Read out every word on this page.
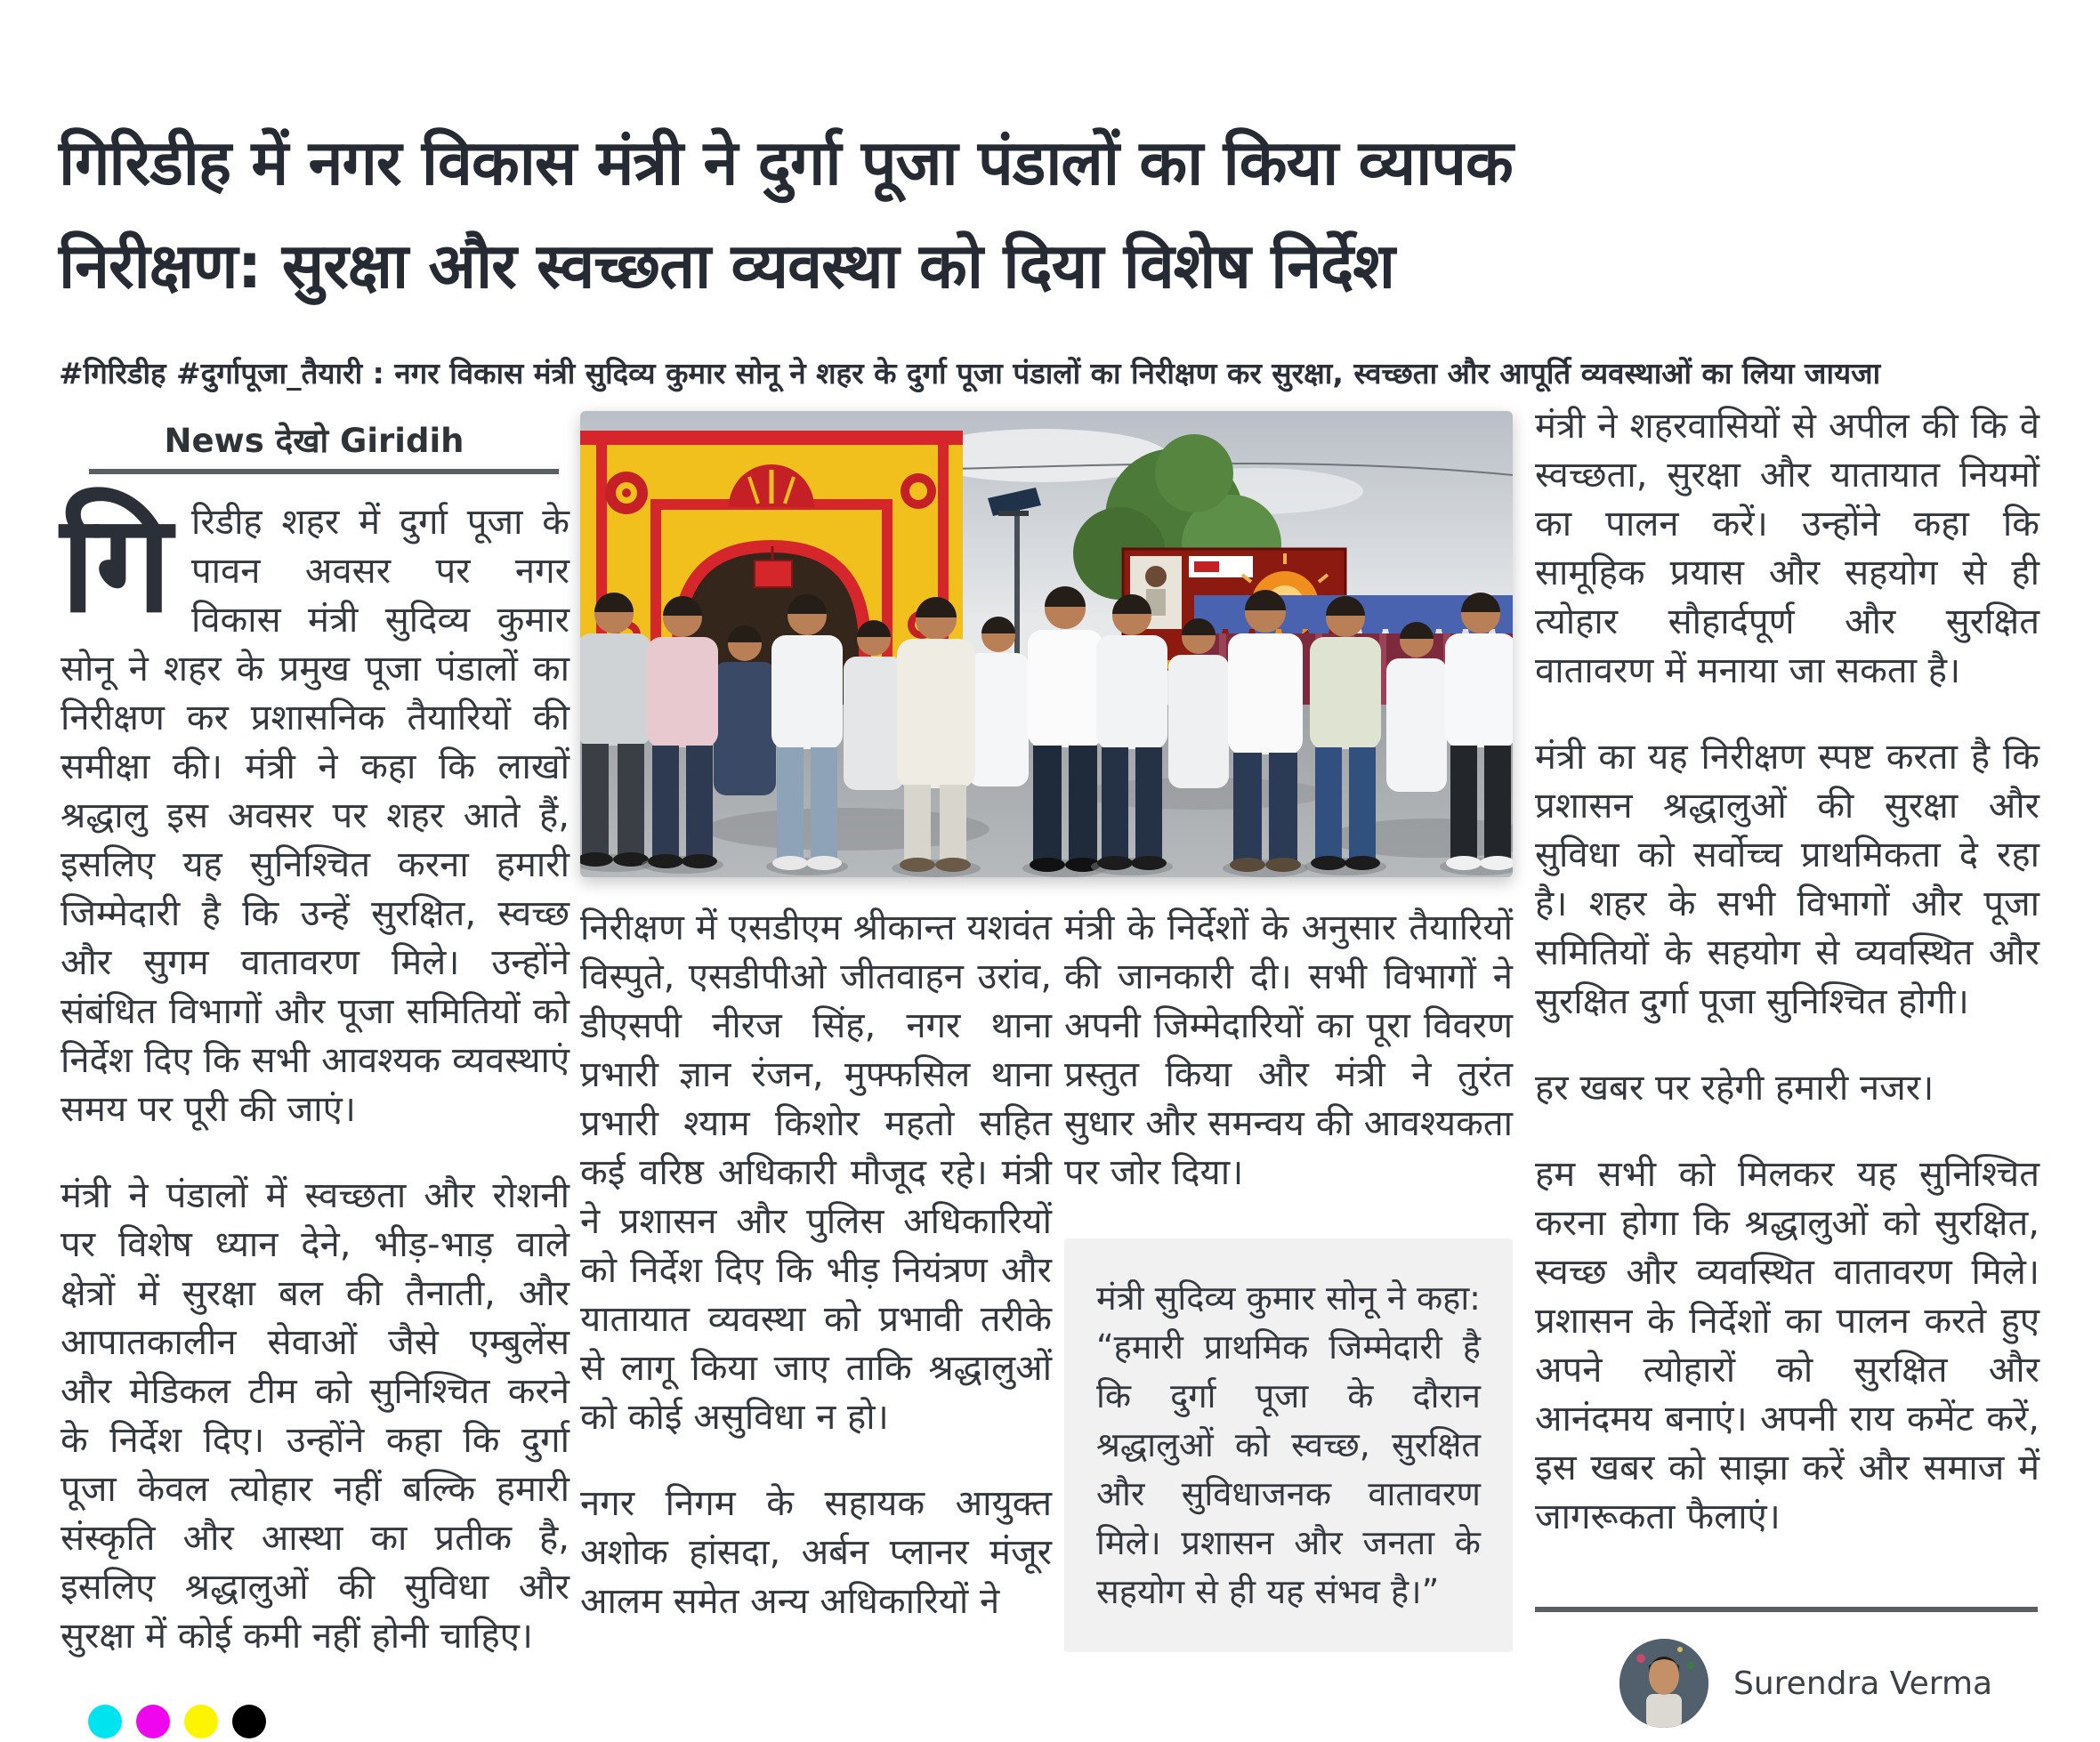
गिरिडीह में नगर विकास मंत्री ने दुर्गा पूजा पंडालों का किया व्यापक
निरीक्षण: सुरक्षा और स्वच्छता व्यवस्था को दिया विशेष निर्देश
#गिरिडीह #दुर्गापूजा_तैयारी : नगर विकास मंत्री सुदिव्य कुमार सोनू ने शहर के दुर्गा पूजा पंडालों का निरीक्षण कर सुरक्षा, स्वच्छता और आपूर्ति व्यवस्थाओं का लिया जायजा
News देखो Giridih

गिरिडीह शहर में दुर्गा पूजा के पावन अवसर पर नगर विकास मंत्री सुदिव्य कुमार सोनू ने शहर के प्रमुख पूजा पंडालों का निरीक्षण कर प्रशासनिक तैयारियों की समीक्षा की। मंत्री ने कहा कि लाखों श्रद्धालु इस अवसर पर शहर आते हैं, इसलिए यह सुनिश्चित करना हमारी जिम्मेदारी है कि उन्हें सुरक्षित, स्वच्छ और सुगम वातावरण मिले। उन्होंने संबंधित विभागों और पूजा समितियों को निर्देश दिए कि सभी आवश्यक व्यवस्थाएं समय पर पूरी की जाएं।

मंत्री ने पंडालों में स्वच्छता और रोशनी पर विशेष ध्यान देने, भीड़-भाड़ वाले क्षेत्रों में सुरक्षा बल की तैनाती, और आपातकालीन सेवाओं जैसे एम्बुलेंस और मेडिकल टीम को सुनिश्चित करने के निर्देश दिए। उन्होंने कहा कि दुर्गा पूजा केवल त्योहार नहीं बल्कि हमारी संस्कृति और आस्था का प्रतीक है, इसलिए श्रद्धालुओं की सुविधा और सुरक्षा में कोई कमी नहीं होनी चाहिए।

निरीक्षण में एसडीएम श्रीकान्त यशवंत विस्पुते, एसडीपीओ जीतवाहन उरांव, डीएसपी नीरज सिंह, नगर थाना प्रभारी ज्ञान रंजन, मुफ्फसिल थाना प्रभारी श्याम किशोर महतो सहित कई वरिष्ठ अधिकारी मौजूद रहे। मंत्री ने प्रशासन और पुलिस अधिकारियों को निर्देश दिए कि भीड़ नियंत्रण और यातायात व्यवस्था को प्रभावी तरीके से लागू किया जाए ताकि श्रद्धालुओं को कोई असुविधा न हो।

नगर निगम के सहायक आयुक्त अशोक हांसदा, अर्बन प्लानर मंजूर आलम समेत अन्य अधिकारियों ने

मंत्री के निर्देशों के अनुसार तैयारियों की जानकारी दी। सभी विभागों ने अपनी जिम्मेदारियों का पूरा विवरण प्रस्तुत किया और मंत्री ने तुरंत सुधार और समन्वय की आवश्यकता पर जोर दिया।

मंत्री सुदिव्य कुमार सोनू ने कहा: “हमारी प्राथमिक जिम्मेदारी है कि दुर्गा पूजा के दौरान श्रद्धालुओं को स्वच्छ, सुरक्षित और सुविधाजनक वातावरण मिले। प्रशासन और जनता के सहयोग से ही यह संभव है।”

मंत्री ने शहरवासियों से अपील की कि वे स्वच्छता, सुरक्षा और यातायात नियमों का पालन करें। उन्होंने कहा कि सामूहिक प्रयास और सहयोग से ही त्योहार सौहार्दपूर्ण और सुरक्षित वातावरण में मनाया जा सकता है।

मंत्री का यह निरीक्षण स्पष्ट करता है कि प्रशासन श्रद्धालुओं की सुरक्षा और सुविधा को सर्वोच्च प्राथमिकता दे रहा है। शहर के सभी विभागों और पूजा समितियों के सहयोग से व्यवस्थित और सुरक्षित दुर्गा पूजा सुनिश्चित होगी।

हर खबर पर रहेगी हमारी नजर।

हम सभी को मिलकर यह सुनिश्चित करना होगा कि श्रद्धालुओं को सुरक्षित, स्वच्छ और व्यवस्थित वातावरण मिले। प्रशासन के निर्देशों का पालन करते हुए अपने त्योहारों को सुरक्षित और आनंदमय बनाएं। अपनी राय कमेंट करें, इस खबर को साझा करें और समाज में जागरूकता फैलाएं।

Surendra Verma
